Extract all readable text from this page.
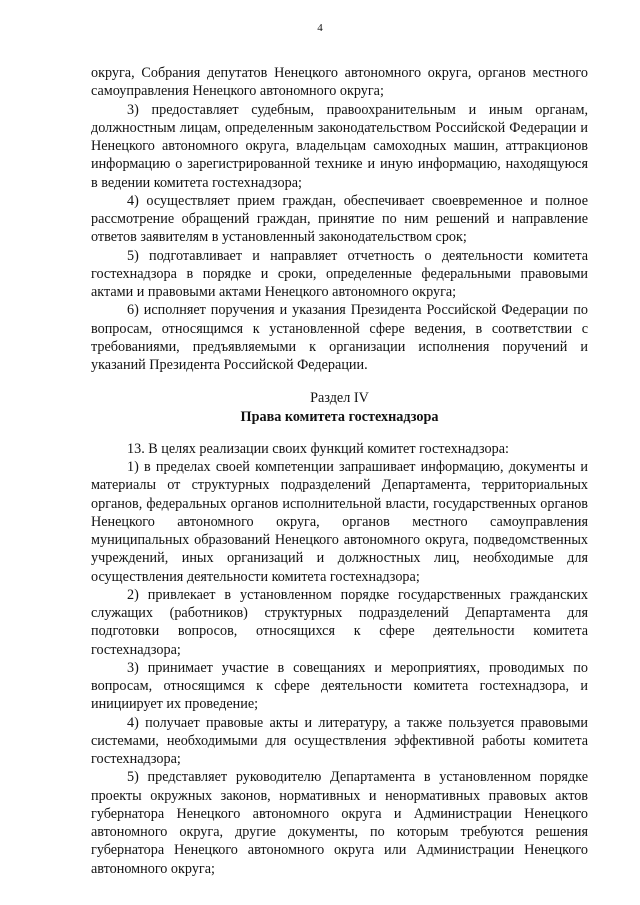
4

округа, Собрания депутатов Ненецкого автономного округа, органов местного самоуправления Ненецкого автономного округа;

3) предоставляет судебным, правоохранительным и иным органам, должностным лицам, определенным законодательством Российской Федерации и Ненецкого автономного округа, владельцам самоходных машин, аттракционов информацию о зарегистрированной технике и иную информацию, находящуюся в ведении комитета гостехнадзора;

4) осуществляет прием граждан, обеспечивает своевременное и полное рассмотрение обращений граждан, принятие по ним решений и направление ответов заявителям в установленный законодательством срок;

5) подготавливает и направляет отчетность о деятельности комитета гостехнадзора в порядке и сроки, определенные федеральными правовыми актами и правовыми актами Ненецкого автономного округа;

6) исполняет поручения и указания Президента Российской Федерации по вопросам, относящимся к установленной сфере ведения, в соответствии с требованиями, предъявляемыми к организации исполнения поручений и указаний Президента Российской Федерации.

Раздел IV
Права комитета гостехнадзора

13. В целях реализации своих функций комитет гостехнадзора:

1) в пределах своей компетенции запрашивает информацию, документы и материалы от структурных подразделений Департамента, территориальных органов, федеральных органов исполнительной власти, государственных органов Ненецкого автономного округа, органов местного самоуправления муниципальных образований Ненецкого автономного округа, подведомственных учреждений, иных организаций и должностных лиц, необходимые для осуществления деятельности комитета гостехнадзора;

2) привлекает в установленном порядке государственных гражданских служащих (работников) структурных подразделений Департамента для подготовки вопросов, относящихся к сфере деятельности комитета гостехнадзора;

3) принимает участие в совещаниях и мероприятиях, проводимых по вопросам, относящимся к сфере деятельности комитета гостехнадзора, и инициирует их проведение;

4) получает правовые акты и литературу, а также пользуется правовыми системами, необходимыми для осуществления эффективной работы комитета гостехнадзора;

5) представляет руководителю Департамента в установленном порядке проекты окружных законов, нормативных и ненормативных правовых актов губернатора Ненецкого автономного округа и Администрации Ненецкого автономного округа, другие документы, по которым требуются решения губернатора Ненецкого автономного округа или Администрации Ненецкого автономного округа;
